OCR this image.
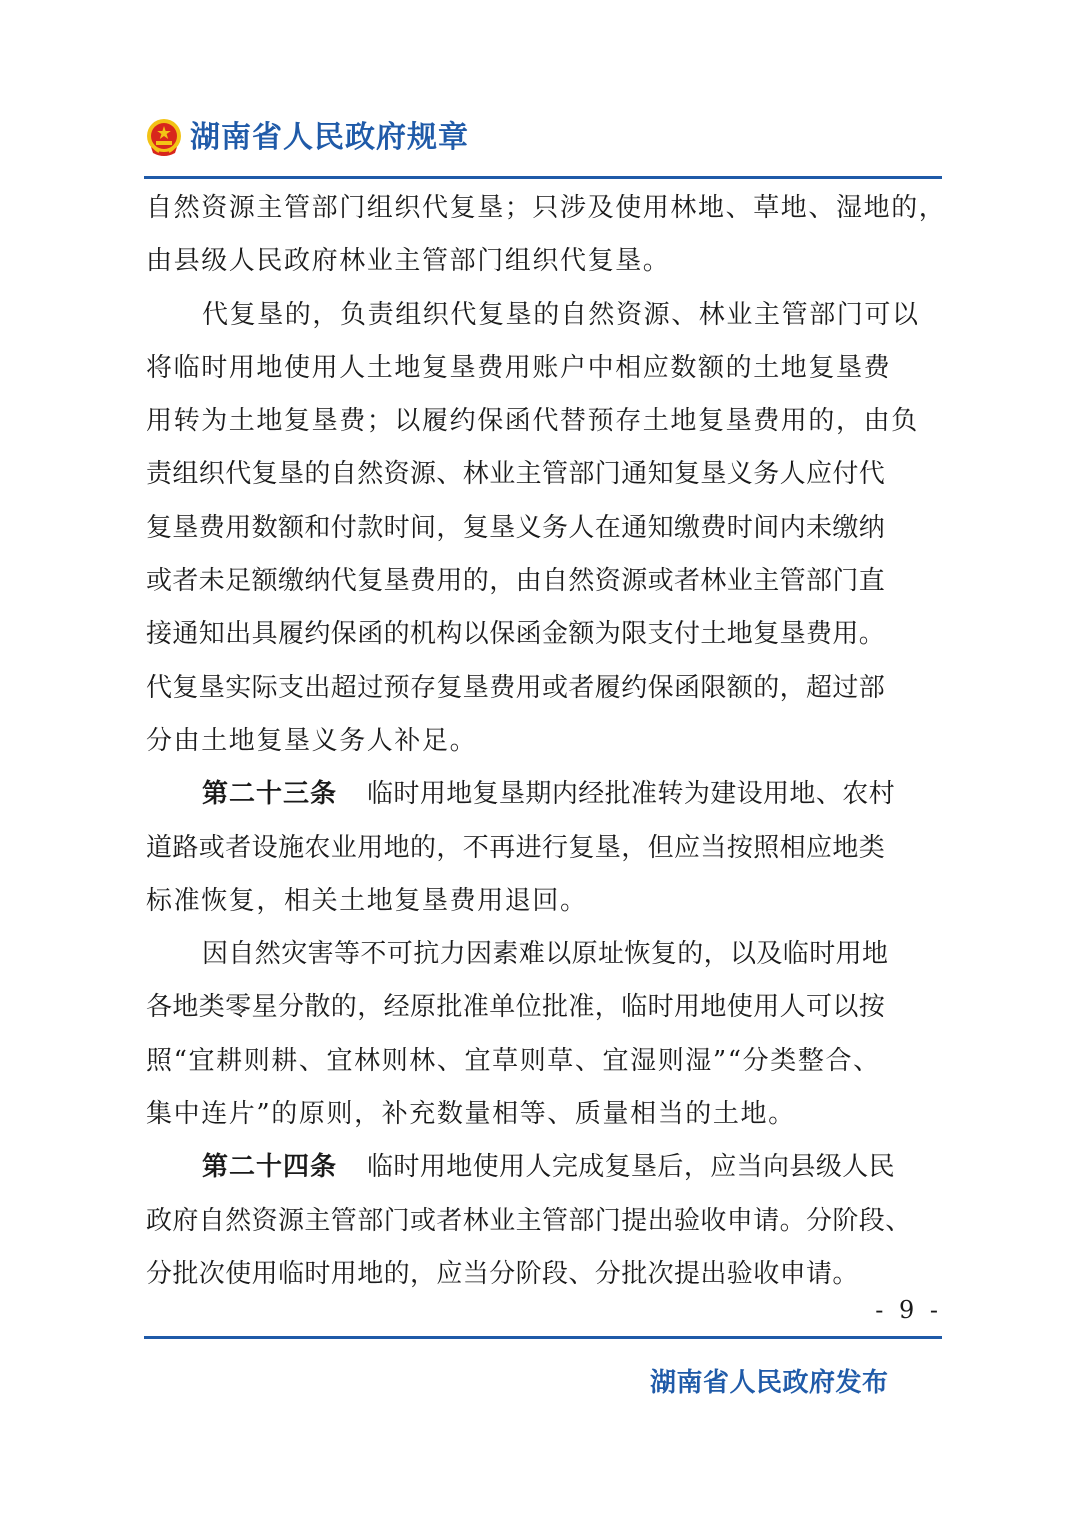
湖南省人民政府规章
自然资源主管部门组织代复垦；只涉及使用林地、草地、湿地的，
由县级人民政府林业主管部门组织代复垦。
代复垦的，负责组织代复垦的自然资源、林业主管部门可以
将临时用地使用人土地复垦费用账户中相应数额的土地复垦费
用转为土地复垦费；以履约保函代替预存土地复垦费用的，由负
责组织代复垦的自然资源、林业主管部门通知复垦义务人应付代
复垦费用数额和付款时间，复垦义务人在通知缴费时间内未缴纳
或者未足额缴纳代复垦费用的，由自然资源或者林业主管部门直
接通知出具履约保函的机构以保函金额为限支付土地复垦费用。
代复垦实际支出超过预存复垦费用或者履约保函限额的，超过部
分由土地复垦义务人补足。
第二十三条 临时用地复垦期内经批准转为建设用地、农村
道路或者设施农业用地的，不再进行复垦，但应当按照相应地类
标准恢复，相关土地复垦费用退回。
因自然灾害等不可抗力因素难以原址恢复的，以及临时用地
各地类零星分散的，经原批准单位批准，临时用地使用人可以按
照“宜耕则耕、宜林则林、宜草则草、宜湿则湿”“分类整合、
集中连片”的原则，补充数量相等、质量相当的土地。
第二十四条 临时用地使用人完成复垦后，应当向县级人民
政府自然资源主管部门或者林业主管部门提出验收申请。分阶段、
分批次使用临时用地的，应当分阶段、分批次提出验收申请。
- 9 -
湖南省人民政府发布
